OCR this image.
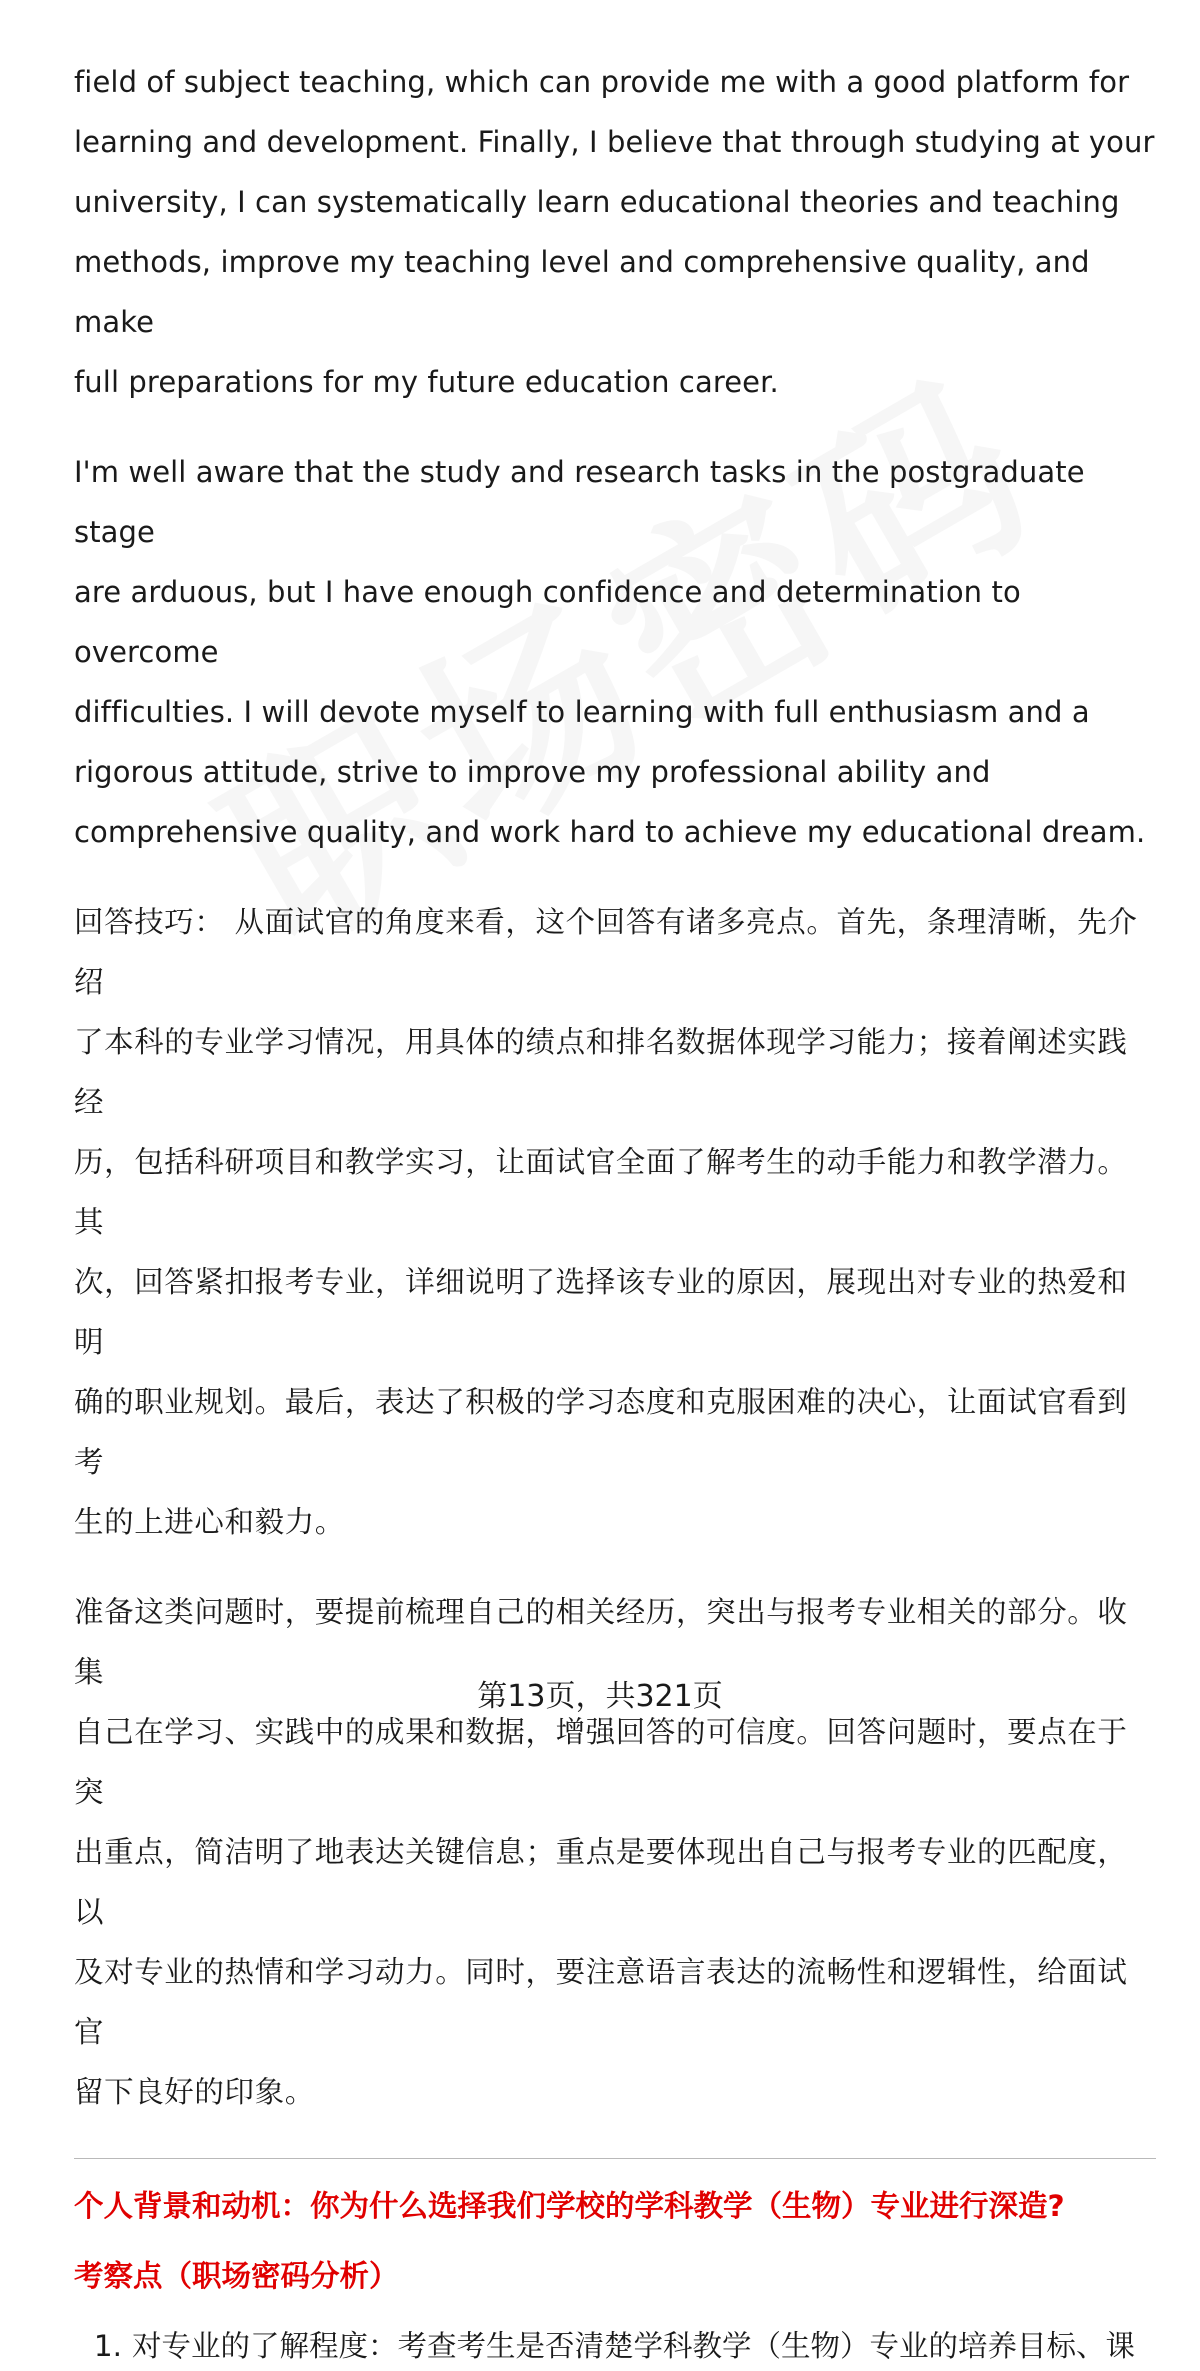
field of subject teaching, which can provide me with a good platform for
learning and development. Finally, I believe that through studying at your
university, I can systematically learn educational theories and teaching
methods, improve my teaching level and comprehensive quality, and make
full preparations for my future education career.
I'm well aware that the study and research tasks in the postgraduate stage
are arduous, but I have enough confidence and determination to overcome
difficulties. I will devote myself to learning with full enthusiasm and a
rigorous attitude, strive to improve my professional ability and
comprehensive quality, and work hard to achieve my educational dream.
回答技巧： 从面试官的角度来看，这个回答有诸多亮点。首先，条理清晰，先介绍
了本科的专业学习情况，用具体的绩点和排名数据体现学习能力；接着阐述实践经
历，包括科研项目和教学实习，让面试官全面了解考生的动手能力和教学潜力。其
次，回答紧扣报考专业，详细说明了选择该专业的原因，展现出对专业的热爱和明
确的职业规划。最后，表达了积极的学习态度和克服困难的决心，让面试官看到考
生的上进心和毅力。
准备这类问题时，要提前梳理自己的相关经历，突出与报考专业相关的部分。收集
自己在学习、实践中的成果和数据，增强回答的可信度。回答问题时，要点在于突
出重点，简洁明了地表达关键信息；重点是要体现出自己与报考专业的匹配度，以
及对专业的热情和学习动力。同时，要注意语言表达的流畅性和逻辑性，给面试官
留下良好的印象。
个人背景和动机：你为什么选择我们学校的学科教学（生物）专业进行深造?
考察点（职场密码分析）
1. 对专业的了解程度：考查考生是否清楚学科教学（生物）专业的培养目标、课
第13页，共321页
